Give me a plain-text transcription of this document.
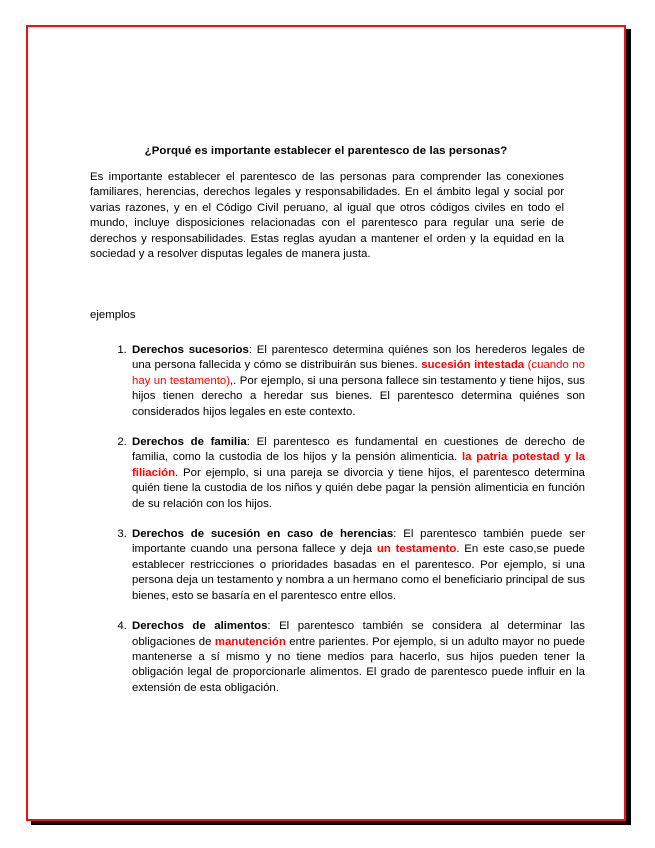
¿Porqué es importante establecer el parentesco de las personas?

Es importante establecer el parentesco de las personas para comprender las conexiones familiares, herencias, derechos legales y responsabilidades. En el ámbito legal y social por varias razones, y en el Código Civil peruano, al igual que otros códigos civiles en todo el mundo, incluye disposiciones relacionadas con el parentesco para regular una serie de derechos y responsabilidades. Estas reglas ayudan a mantener el orden y la equidad en la sociedad y a resolver disputas legales de manera justa.

ejemplos

1. Derechos sucesorios: El parentesco determina quiénes son los herederos legales de una persona fallecida y cómo se distribuirán sus bienes. sucesión intestada (cuando no hay un testamento),. Por ejemplo, si una persona fallece sin testamento y tiene hijos, sus hijos tienen derecho a heredar sus bienes. El parentesco determina quiénes son considerados hijos legales en este contexto.
2. Derechos de familia: El parentesco es fundamental en cuestiones de derecho de familia, como la custodia de los hijos y la pensión alimenticia. la patria potestad y la filiación. Por ejemplo, si una pareja se divorcia y tiene hijos, el parentesco determina quién tiene la custodia de los niños y quién debe pagar la pensión alimenticia en función de su relación con los hijos.
3. Derechos de sucesión en caso de herencias: El parentesco también puede ser importante cuando una persona fallece y deja un testamento. En este caso,se puede establecer restricciones o prioridades basadas en el parentesco. Por ejemplo, si una persona deja un testamento y nombra a un hermano como el beneficiario principal de sus bienes, esto se basaría en el parentesco entre ellos.
4. Derechos de alimentos: El parentesco también se considera al determinar las obligaciones de manutención entre parientes. Por ejemplo, si un adulto mayor no puede mantenerse a sí mismo y no tiene medios para hacerlo, sus hijos pueden tener la obligación legal de proporcionarle alimentos. El grado de parentesco puede influir en la extensión de esta obligación.
